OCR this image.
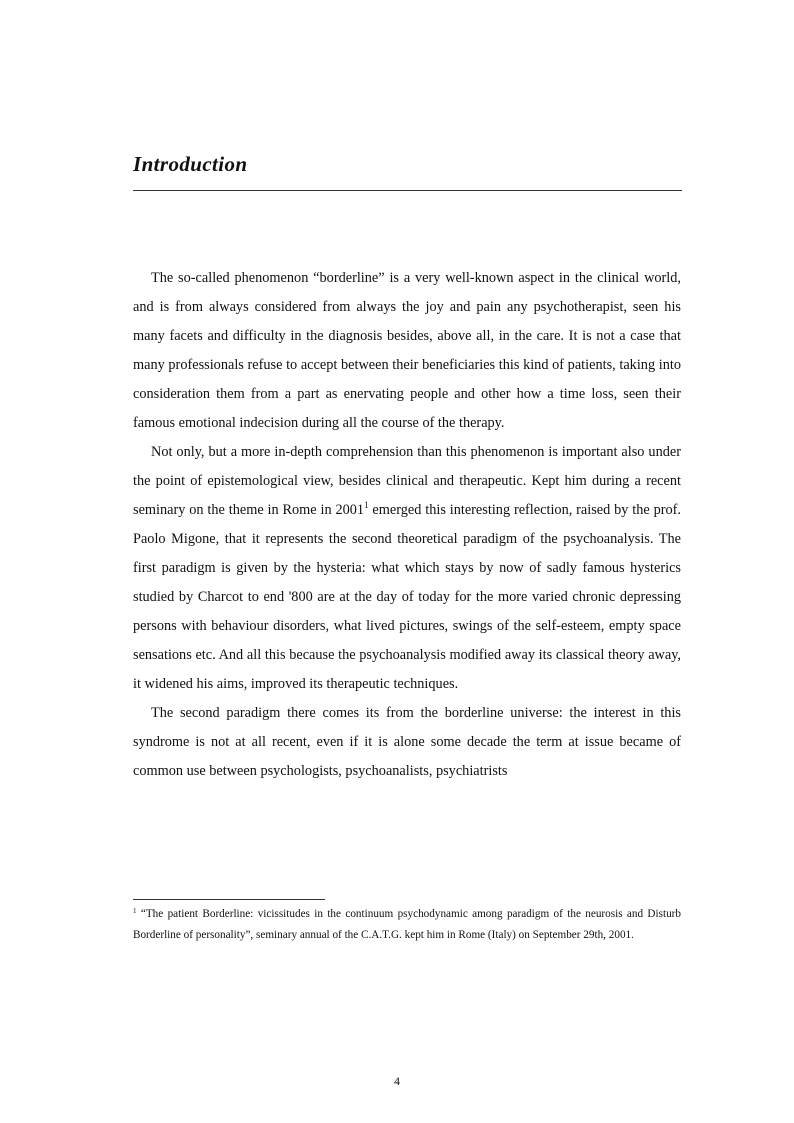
Introduction

The so-called phenomenon “borderline” is a very well-known aspect in the clinical world, and is from always considered from always the joy and pain any psychotherapist, seen his many facets and difficulty in the diagnosis besides, above all, in the care. It is not a case that many professionals refuse to accept between their beneficiaries this kind of patients, taking into consideration them from a part as enervating people and other how a time loss, seen their famous emotional indecision during all the course of the therapy.

Not only, but a more in-depth comprehension than this phenomenon is important also under the point of epistemological view, besides clinical and therapeutic. Kept him during a recent seminary on the theme in Rome in 2001$^1$ emerged this interesting reflection, raised by the prof. Paolo Migone, that it represents the second theoretical paradigm of the psychoanalysis. The first paradigm is given by the hysteria: what which stays by now of sadly famous hysterics studied by Charcot to end '800 are at the day of today for the more varied chronic depressing persons with behaviour disorders, what lived pictures, swings of the self-esteem, empty space sensations etc. And all this because the psychoanalysis modified away its classical theory away, it widened his aims, improved its therapeutic techniques.

The second paradigm there comes its from the borderline universe: the interest in this syndrome is not at all recent, even if it is alone some decade the term at issue became of common use between psychologists, psychoanalists, psychiatrists

$^1$ “The patient Borderline: vicissitudes in the continuum psychodynamic among paradigm of the neurosis and Disturb Borderline of personality”, seminary annual of the C.A.T.G. kept him in Rome (Italy) on September 29th, 2001.

4
